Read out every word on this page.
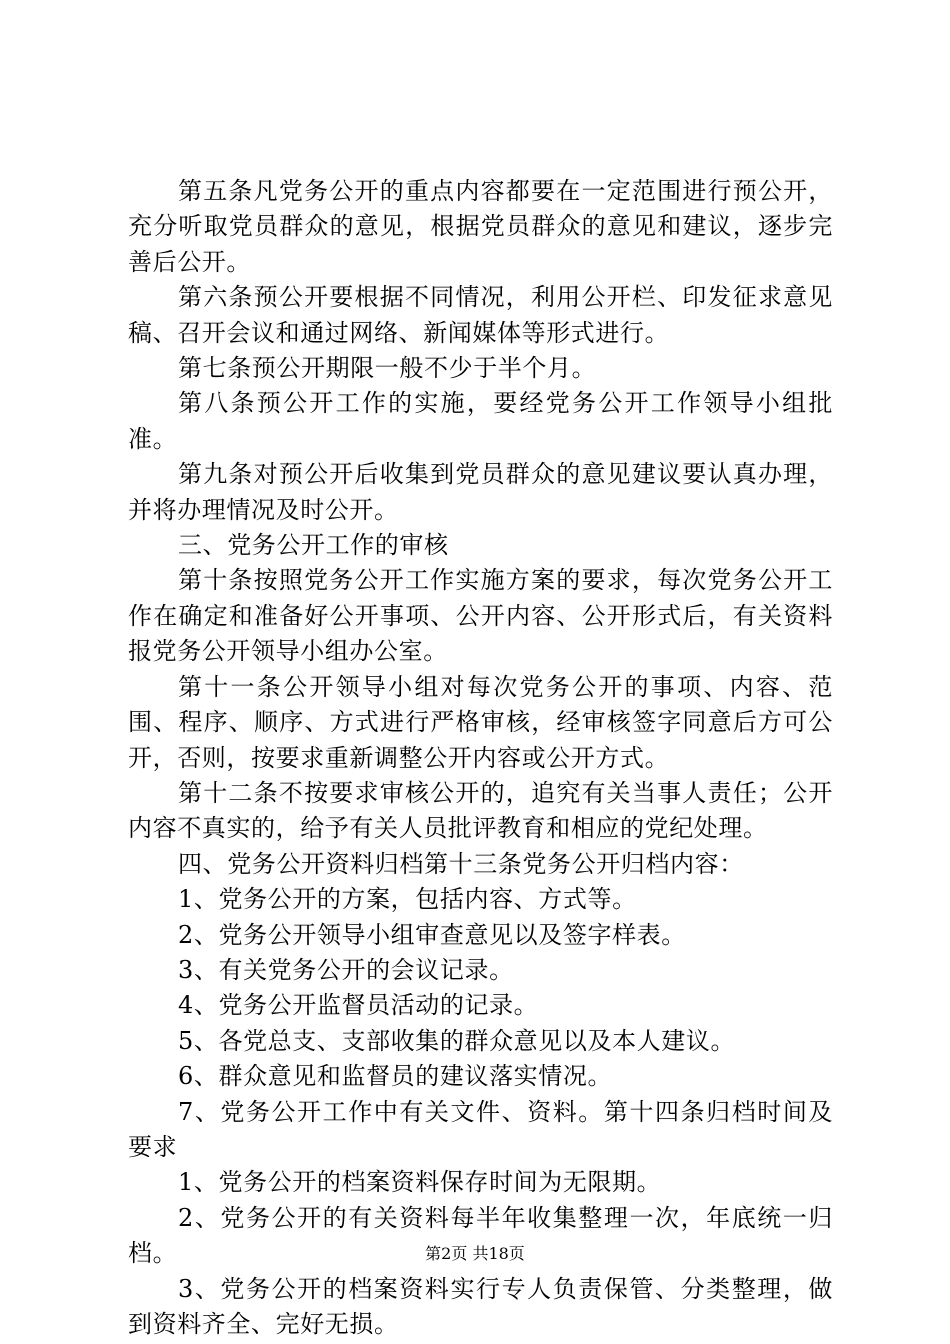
第五条凡党务公开的重点内容都要在一定范围进行预公开，充分听取党员群众的意见，根据党员群众的意见和建议，逐步完善后公开。

第六条预公开要根据不同情况，利用公开栏、印发征求意见稿、召开会议和通过网络、新闻媒体等形式进行。

第七条预公开期限一般不少于半个月。

第八条预公开工作的实施，要经党务公开工作领导小组批准。

第九条对预公开后收集到党员群众的意见建议要认真办理，并将办理情况及时公开。

三、党务公开工作的审核

第十条按照党务公开工作实施方案的要求，每次党务公开工作在确定和准备好公开事项、公开内容、公开形式后，有关资料报党务公开领导小组办公室。

第十一条公开领导小组对每次党务公开的事项、内容、范围、程序、顺序、方式进行严格审核，经审核签字同意后方可公开，否则，按要求重新调整公开内容或公开方式。

第十二条不按要求审核公开的，追究有关当事人责任；公开内容不真实的，给予有关人员批评教育和相应的党纪处理。

四、党务公开资料归档第十三条党务公开归档内容：

1、党务公开的方案，包括内容、方式等。

2、党务公开领导小组审查意见以及签字样表。

3、有关党务公开的会议记录。

4、党务公开监督员活动的记录。

5、各党总支、支部收集的群众意见以及本人建议。

6、群众意见和监督员的建议落实情况。

7、党务公开工作中有关文件、资料。第十四条归档时间及要求

1、党务公开的档案资料保存时间为无限期。

2、党务公开的有关资料每半年收集整理一次，年底统一归档。

3、党务公开的档案资料实行专人负责保管、分类整理，做到资料齐全、完好无损。

第2页 共18页
